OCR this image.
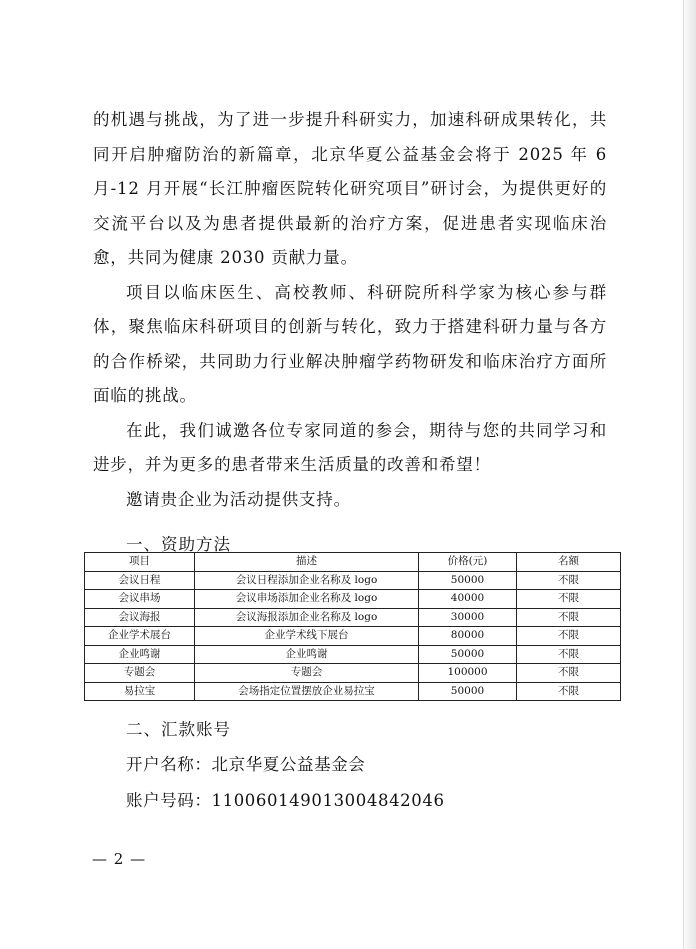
的机遇与挑战，为了进一步提升科研实力，加速科研成果转化，共同开启肿瘤防治的新篇章，北京华夏公益基金会将于 2025 年 6 月-12 月开展“长江肿瘤医院转化研究项目”研讨会，为提供更好的交流平台以及为患者提供最新的治疗方案，促进患者实现临床治愈，共同为健康 2030 贡献力量。

项目以临床医生、高校教师、科研院所科学家为核心参与群体，聚焦临床科研项目的创新与转化，致力于搭建科研力量与各方的合作桥梁，共同助力行业解决肿瘤学药物研发和临床治疗方面所面临的挑战。

在此，我们诚邀各位专家同道的参会，期待与您的共同学习和进步，并为更多的患者带来生活质量的改善和希望！

邀请贵企业为活动提供支持。

一、资助方法
项目	描述	价格(元)	名额
会议日程	会议日程添加企业名称及 logo	50000	不限
会议串场	会议串场添加企业名称及 logo	40000	不限
会议海报	会议海报添加企业名称及 logo	30000	不限
企业学术展台	企业学术线下展台	80000	不限
企业鸣谢	企业鸣谢	50000	不限
专题会	专题会	100000	不限
易拉宝	会场指定位置摆放企业易拉宝	50000	不限
二、汇款账号
开户名称：北京华夏公益基金会
账户号码：11006014901300484​2046
— 2 —
